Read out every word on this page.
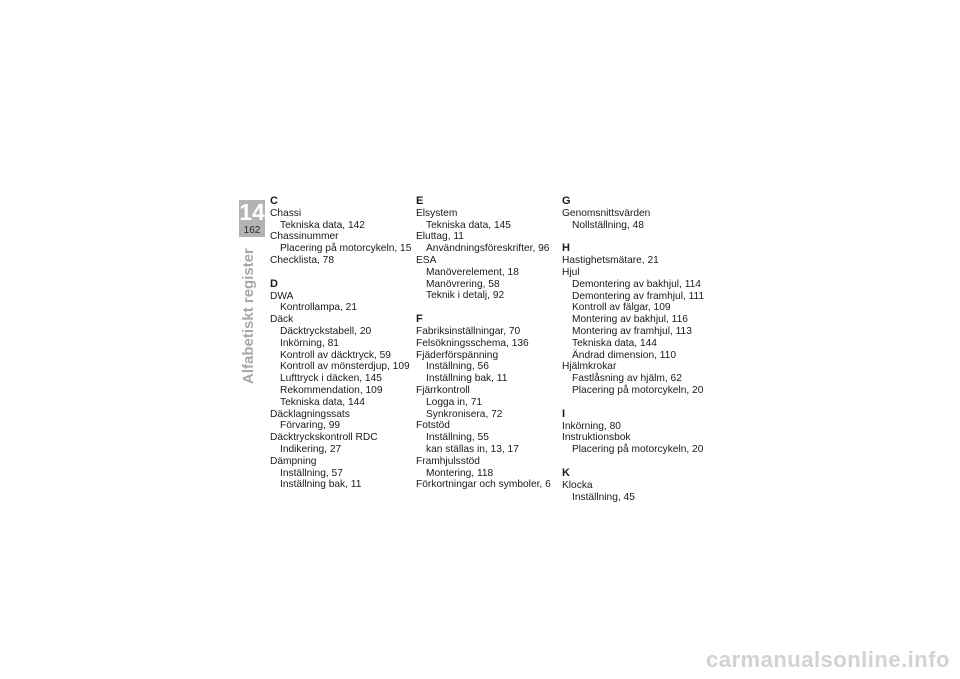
14
162
Alfabetiskt register
C
Chassi
Tekniska data, 142
Chassinummer
Placering på motorcykeln, 15
Checklista, 78
D
DWA
Kontrollampa, 21
Däck
Däcktryckstabell, 20
Inkörning, 81
Kontroll av däcktryck, 59
Kontroll av mönsterdjup, 109
Lufttryck i däcken, 145
Rekommendation, 109
Tekniska data, 144
Däcklagningssats
Förvaring, 99
Däcktryckskontroll RDC
Indikering, 27
Dämpning
Inställning, 57
Inställning bak, 11
E
Elsystem
Tekniska data, 145
Eluttag, 11
Användningsföreskrifter, 96
ESA
Manöverelement, 18
Manövrering, 58
Teknik i detalj, 92
F
Fabriksinställningar, 70
Felsökningsschema, 136
Fjäderförspänning
Inställning, 56
Inställning bak, 11
Fjärrkontroll
Logga in, 71
Synkronisera, 72
Fotstöd
Inställning, 55
kan ställas in, 13, 17
Framhjulsstöd
Montering, 118
Förkortningar och symboler, 6
G
Genomsnittsvärden
Nollställning, 48
H
Hastighetsmätare, 21
Hjul
Demontering av bakhjul, 114
Demontering av framhjul, 111
Kontroll av fälgar, 109
Montering av bakhjul, 116
Montering av framhjul, 113
Tekniska data, 144
Ändrad dimension, 110
Hjälmkrokar
Fastlåsning av hjälm, 62
Placering på motorcykeln, 20
I
Inkörning, 80
Instruktionsbok
Placering på motorcykeln, 20
K
Klocka
Inställning, 45
carmanualsonline.info
